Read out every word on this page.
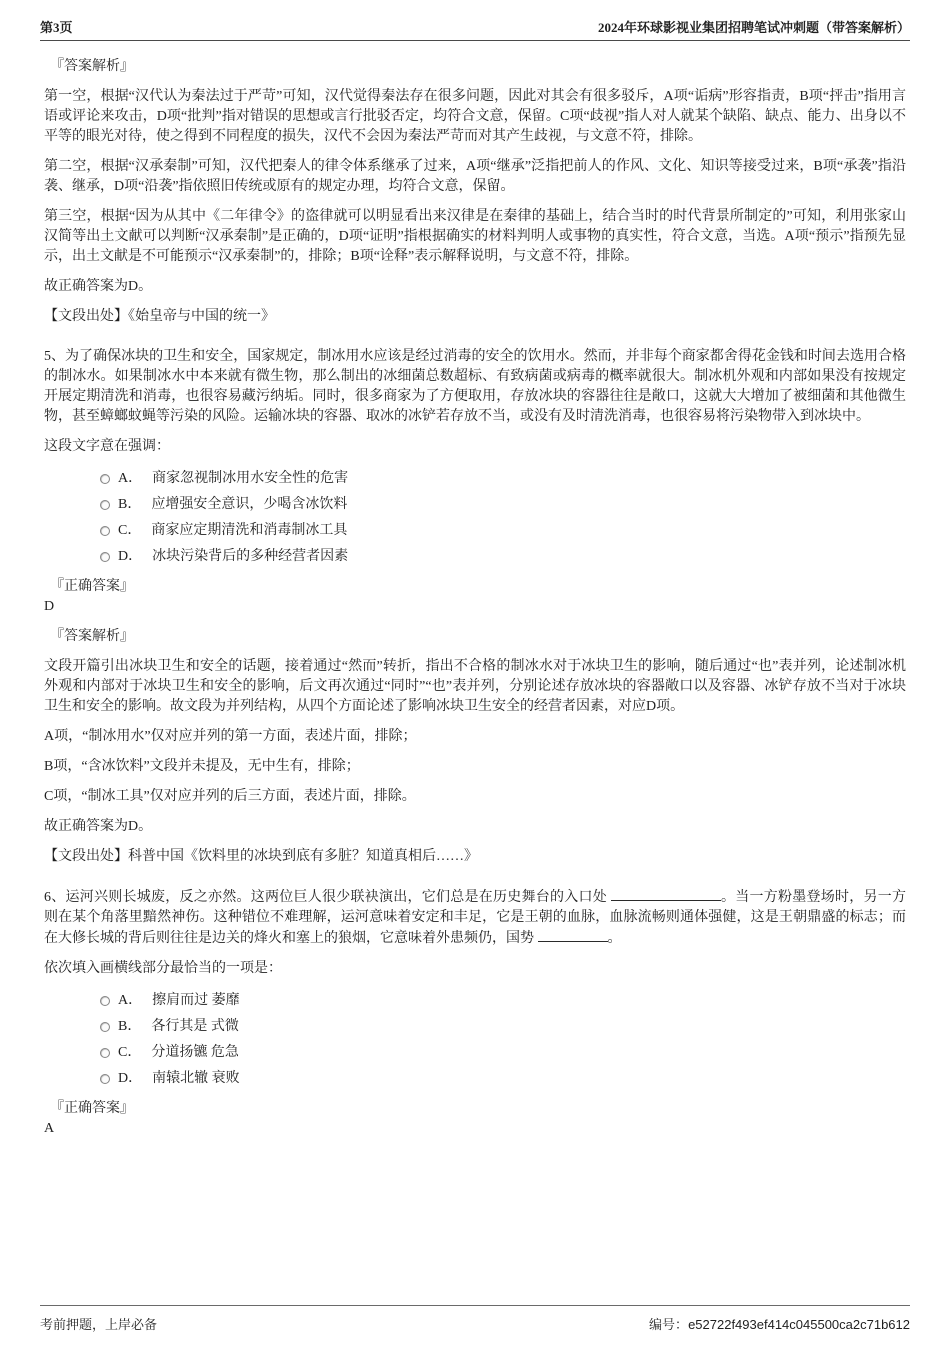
第3页	2024年环球影视业集团招聘笔试冲刺题（带答案解析）

『答案解析』

第一空，根据“汉代认为秦法过于严苛”可知，汉代觉得秦法存在很多问题，因此对其会有很多驳斥，A项“诟病”形容指责，B项“抨击”指用言语或评论来攻击，D项“批判”指对错误的思想或言行批驳否定，均符合文意，保留。C项“歧视”指人对人就某个缺陷、缺点、能力、出身以不平等的眼光对待，使之得到不同程度的损失，汉代不会因为秦法严苛而对其产生歧视，与文意不符，排除。

第二空，根据“汉承秦制”可知，汉代把秦人的律令体系继承了过来，A项“继承”泛指把前人的作风、文化、知识等接受过来，B项“承袭”指沿袭、继承，D项“沿袭”指依照旧传统或原有的规定办理，均符合文意，保留。

第三空，根据“因为从其中《二年律令》的盗律就可以明显看出来汉律是在秦律的基础上，结合当时的时代背景所制定的”可知，利用张家山汉简等出土文献可以判断“汉承秦制”是正确的，D项“证明”指根据确实的材料判明人或事物的真实性，符合文意，当选。A项“预示”指预先显示，出土文献是不可能预示“汉承秦制”的，排除；B项“诠释”表示解释说明，与文意不符，排除。

故正确答案为D。

【文段出处】《始皇帝与中国的统一》

5、为了确保冰块的卫生和安全，国家规定，制冰用水应该是经过消毒的安全的饮用水。然而，并非每个商家都舍得花金钱和时间去选用合格的制冰水。如果制冰水中本来就有微生物，那么制出的冰细菌总数超标、有致病菌或病毒的概率就很大。制冰机外观和内部如果没有按规定开展定期清洗和消毒，也很容易藏污纳垢。同时，很多商家为了方便取用，存放冰块的容器往往是敞口，这就大大增加了被细菌和其他微生物，甚至蟑螂蚊蝇等污染的风险。运输冰块的容器、取冰的冰铲若存放不当，或没有及时清洗消毒，也很容易将污染物带入到冰块中。

这段文字意在强调：

A． 商家忽视制冰用水安全性的危害
B． 应增强安全意识，少喝含冰饮料
C． 商家应定期清洗和消毒制冰工具
D． 冰块污染背后的多种经营者因素

『正确答案』

D

『答案解析』

文段开篇引出冰块卫生和安全的话题，接着通过“然而”转折，指出不合格的制冰水对于冰块卫生的影响，随后通过“也”表并列，论述制冰机外观和内部对于冰块卫生和安全的影响，后文再次通过“同时”“也”表并列，分别论述存放冰块的容器敞口以及容器、冰铲存放不当对于冰块卫生和安全的影响。故文段为并列结构，从四个方面论述了影响冰块卫生安全的经营者因素，对应D项。

A项，“制冰用水”仅对应并列的第一方面，表述片面，排除；

B项，“含冰饮料”文段并未提及，无中生有，排除；

C项，“制冰工具”仅对应并列的后三方面，表述片面，排除。

故正确答案为D。

【文段出处】科普中国《饮料里的冰块到底有多脏？知道真相后……》

6、运河兴则长城废，反之亦然。这两位巨人很少联袂演出，它们总是在历史舞台的入口处	。当一方粉墨登场时，另一方则在某个角落里黯然神伤。这种错位不难理解，运河意味着安定和丰足，它是王朝的血脉，血脉流畅则通体强健，这是王朝鼎盛的标志；而在大修长城的背后则往往是边关的烽火和塞上的狼烟，它意味着外患频仍，国势	。

依次填入画横线部分最恰当的一项是：

A． 擦肩而过 萎靡
B． 各行其是 式微
C． 分道扬镳 危急
D． 南辕北辙 衰败

『正确答案』

A

考前押题，上岸必备	编号：e52722f493ef414c045500ca2c71b612
